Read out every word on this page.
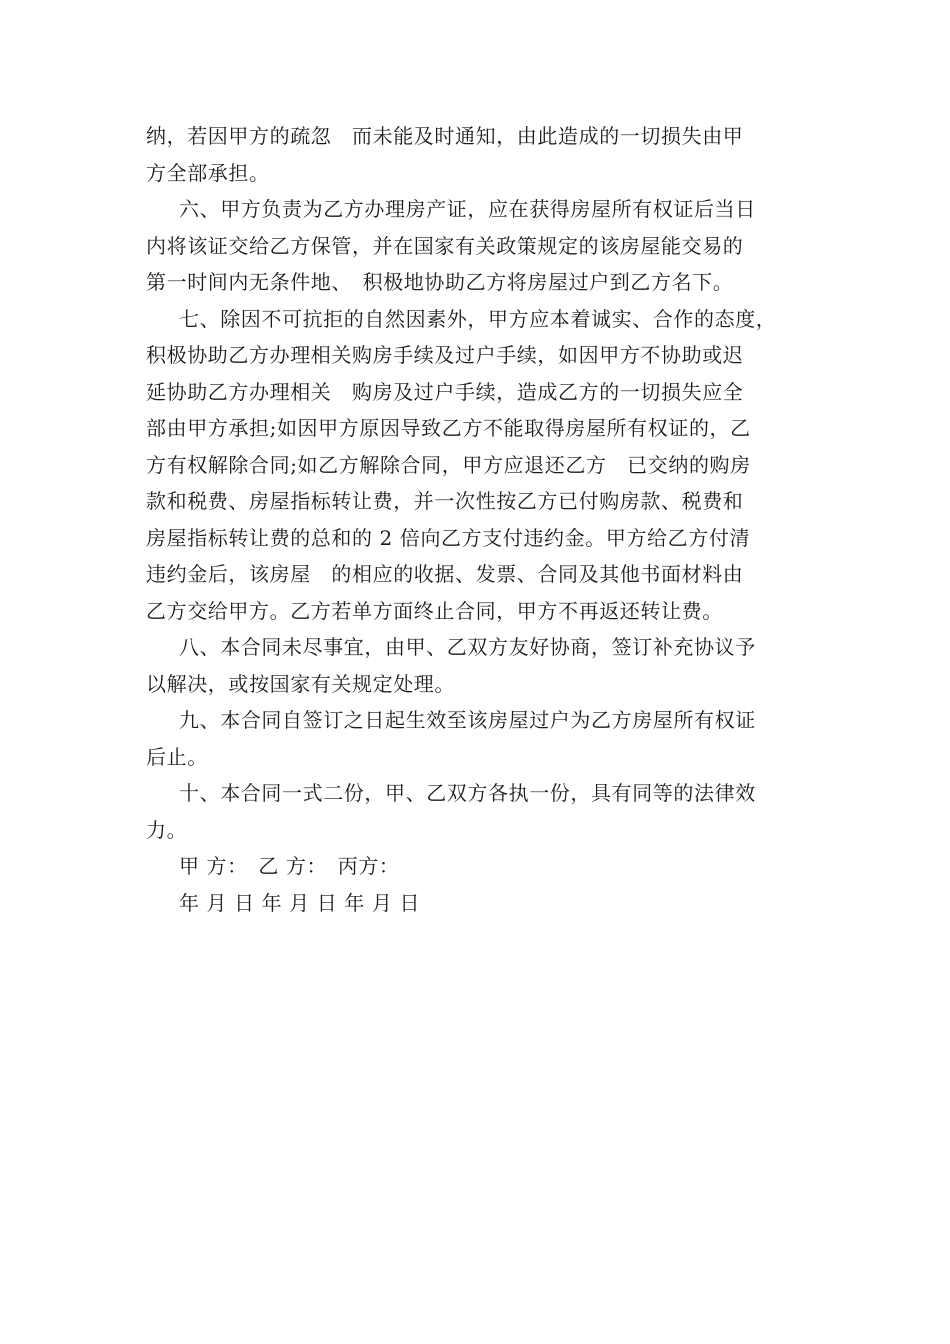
纳，若因甲方的疏忽　而未能及时通知，由此造成的一切损失由甲
方全部承担。
六、甲方负责为乙方办理房产证，应在获得房屋所有权证后当日
内将该证交给乙方保管，并在国家有关政策规定的该房屋能交易的
第一时间内无条件地、　积极地协助乙方将房屋过户到乙方名下。
七、除因不可抗拒的自然因素外，甲方应本着诚实、合作的态度，
积极协助乙方办理相关购房手续及过户手续，如因甲方不协助或迟
延协助乙方办理相关　购房及过户手续，造成乙方的一切损失应全
部由甲方承担;如因甲方原因导致乙方不能取得房屋所有权证的，乙
方有权解除合同;如乙方解除合同，甲方应退还乙方　已交纳的购房
款和税费、房屋指标转让费，并一次性按乙方已付购房款、税费和
房屋指标转让费的总和的 2 倍向乙方支付违约金。甲方给乙方付清
违约金后，该房屋　的相应的收据、发票、合同及其他书面材料由
乙方交给甲方。乙方若单方面终止合同，甲方不再返还转让费。
八、本合同未尽事宜，由甲、乙双方友好协商，签订补充协议予
以解决，或按国家有关规定处理。
九、本合同自签订之日起生效至该房屋过户为乙方房屋所有权证
后止。
十、本合同一式二份，甲、乙双方各执一份，具有同等的法律效
力。
甲 方：　乙 方：　丙方：
年 月 日 年 月 日 年 月 日
